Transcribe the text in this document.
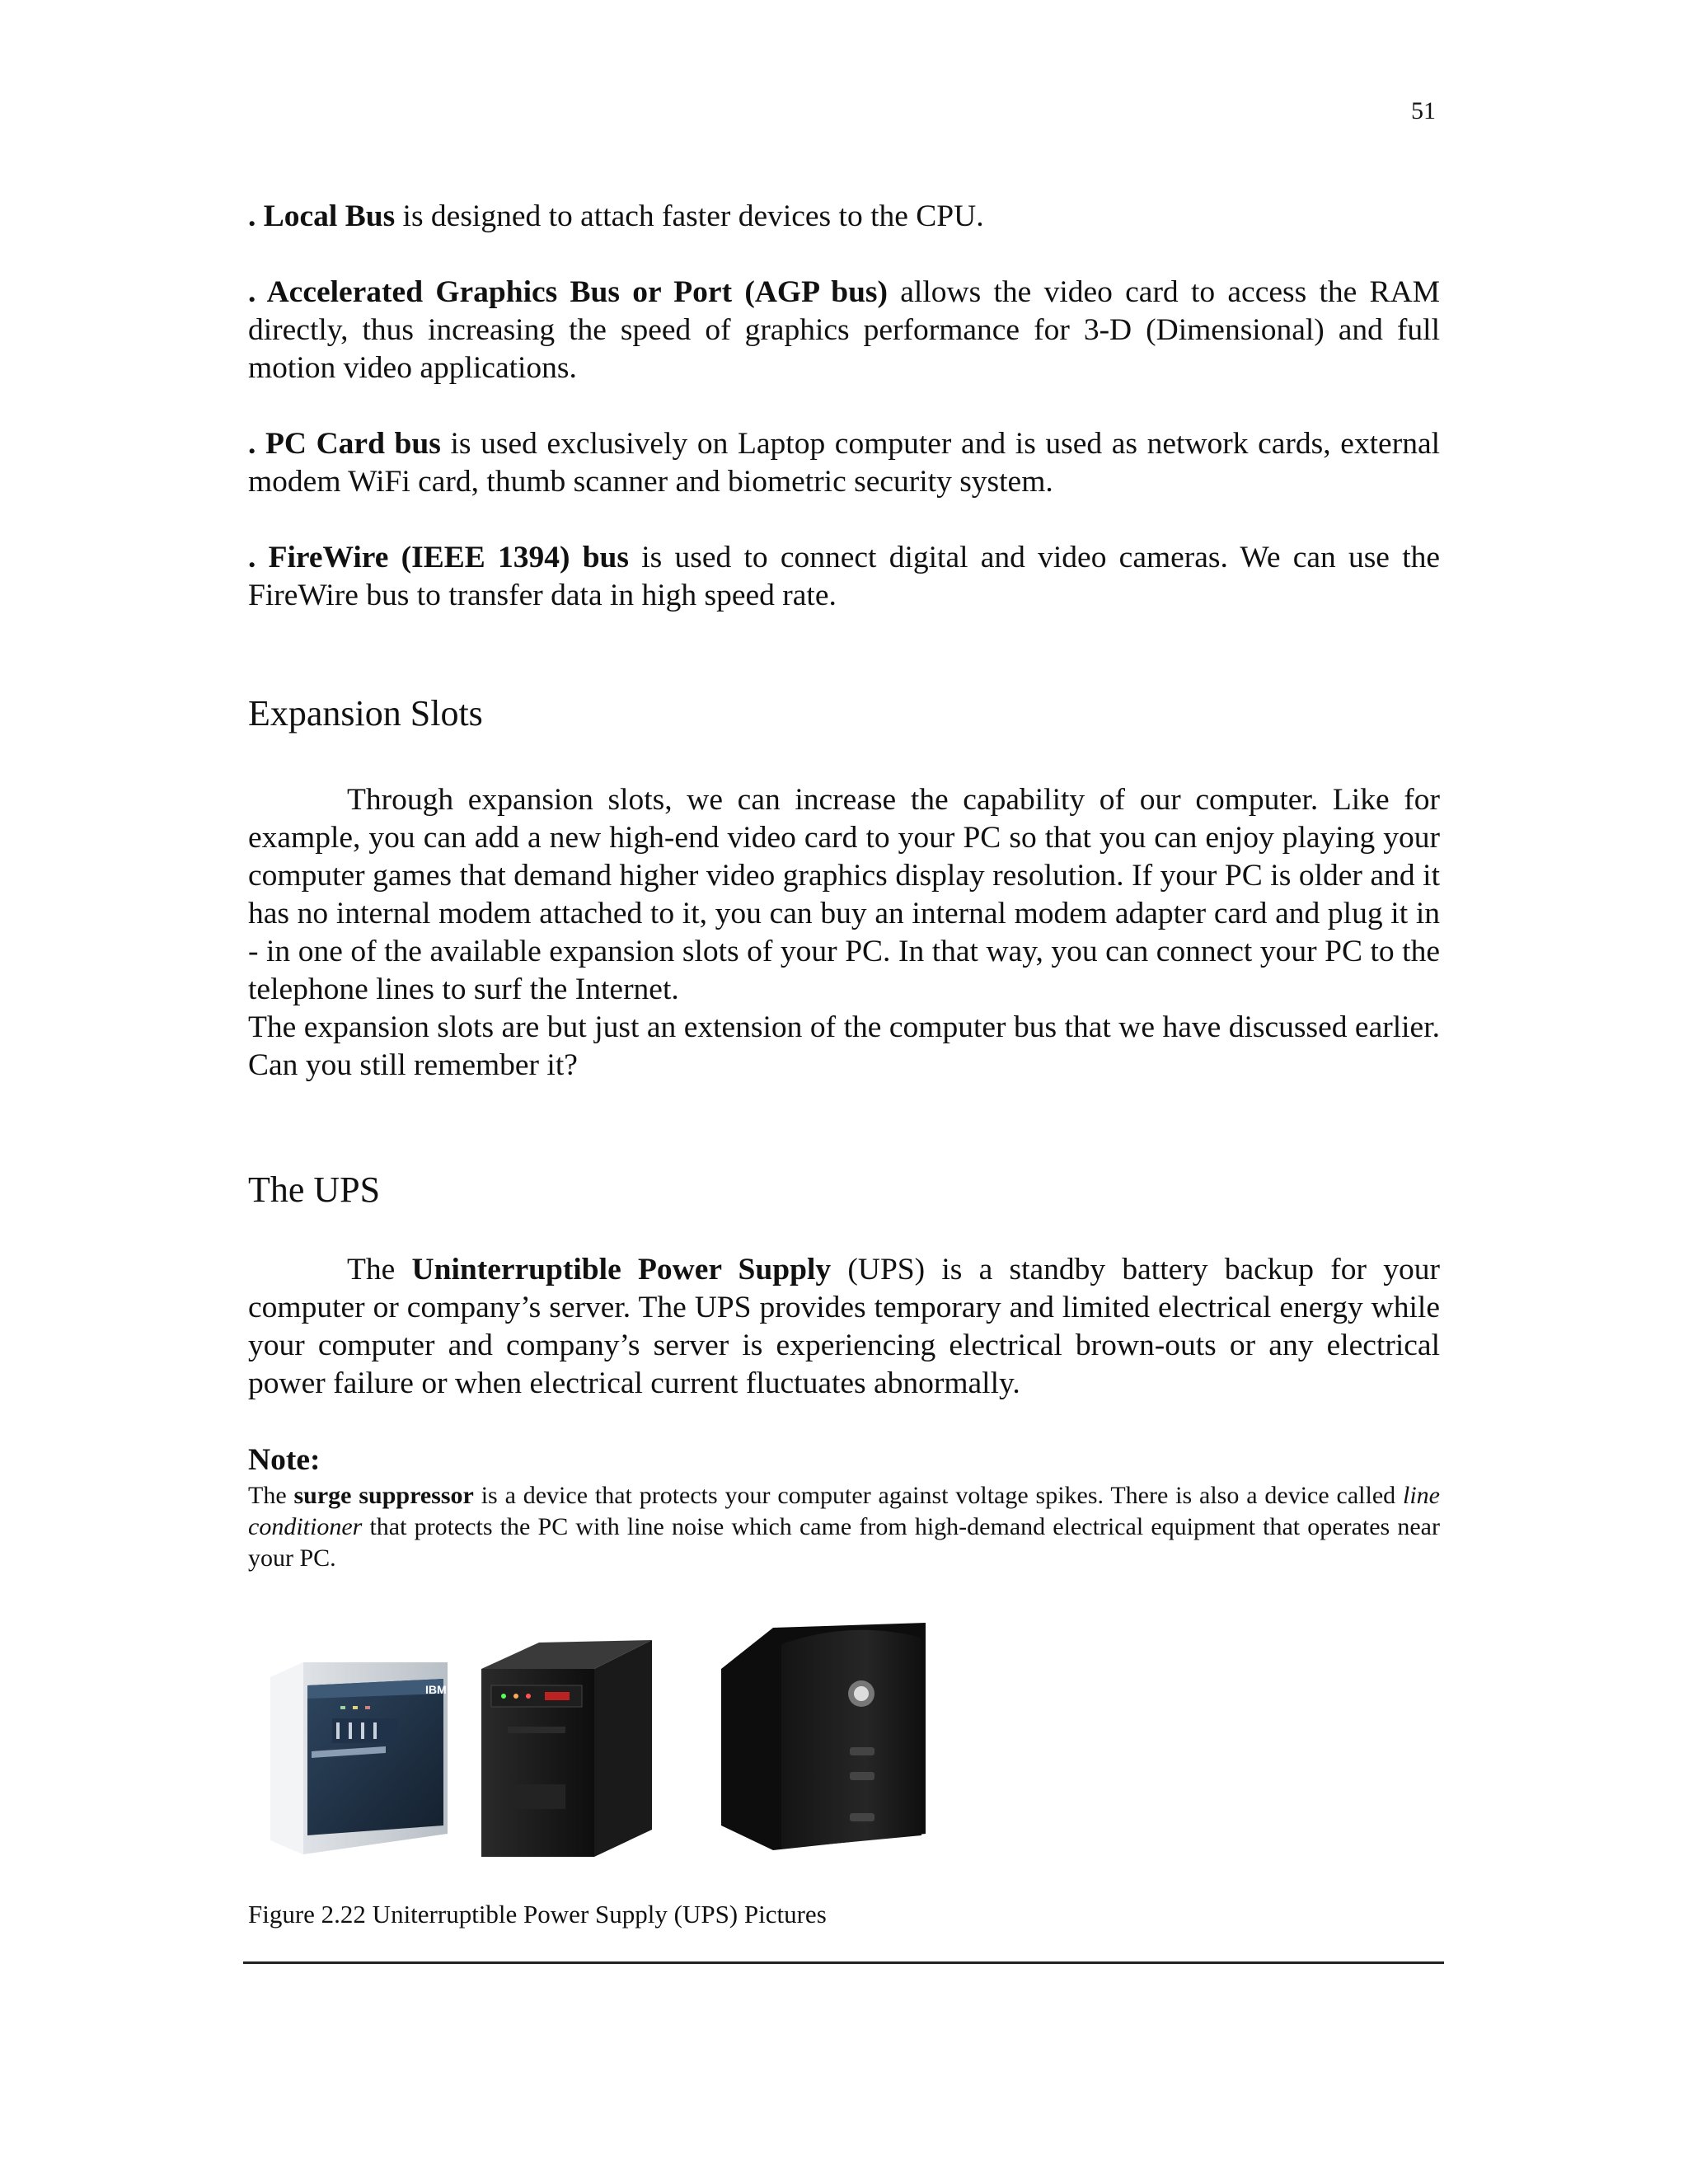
51

. Local Bus is designed to attach faster devices to the CPU.

. Accelerated Graphics Bus or Port (AGP bus) allows the video card to access the RAM directly, thus increasing the speed of graphics performance for 3-D (Dimensional) and full motion video applications.

. PC Card bus is used exclusively on Laptop computer and is used as network cards, external modem WiFi card, thumb scanner and biometric security system.

. FireWire (IEEE 1394) bus is used to connect digital and video cameras. We can use the FireWire bus to transfer data in high speed rate.

Expansion Slots

Through expansion slots, we can increase the capability of our computer. Like for example, you can add a new high-end video card to your PC so that you can enjoy playing your computer games that demand higher video graphics display resolution. If your PC is older and it has no internal modem attached to it, you can buy an internal modem adapter card and plug it in - in one of the available expansion slots of your PC. In that way, you can connect your PC to the telephone lines to surf the Internet.
The expansion slots are but just an extension of the computer bus that we have discussed earlier. Can you still remember it?

The UPS

The Uninterruptible Power Supply (UPS) is a standby battery backup for your computer or company’s server. The UPS provides temporary and limited electrical energy while your computer and company’s server is experiencing electrical brown-outs or any electrical power failure or when electrical current fluctuates abnormally.

Note:

The surge suppressor is a device that protects your computer against voltage spikes. There is also a device called line conditioner that protects the PC with line noise which came from high-demand electrical equipment that operates near your PC.

IBM
Figure 2.22 Uniterruptible Power Supply (UPS) Pictures
